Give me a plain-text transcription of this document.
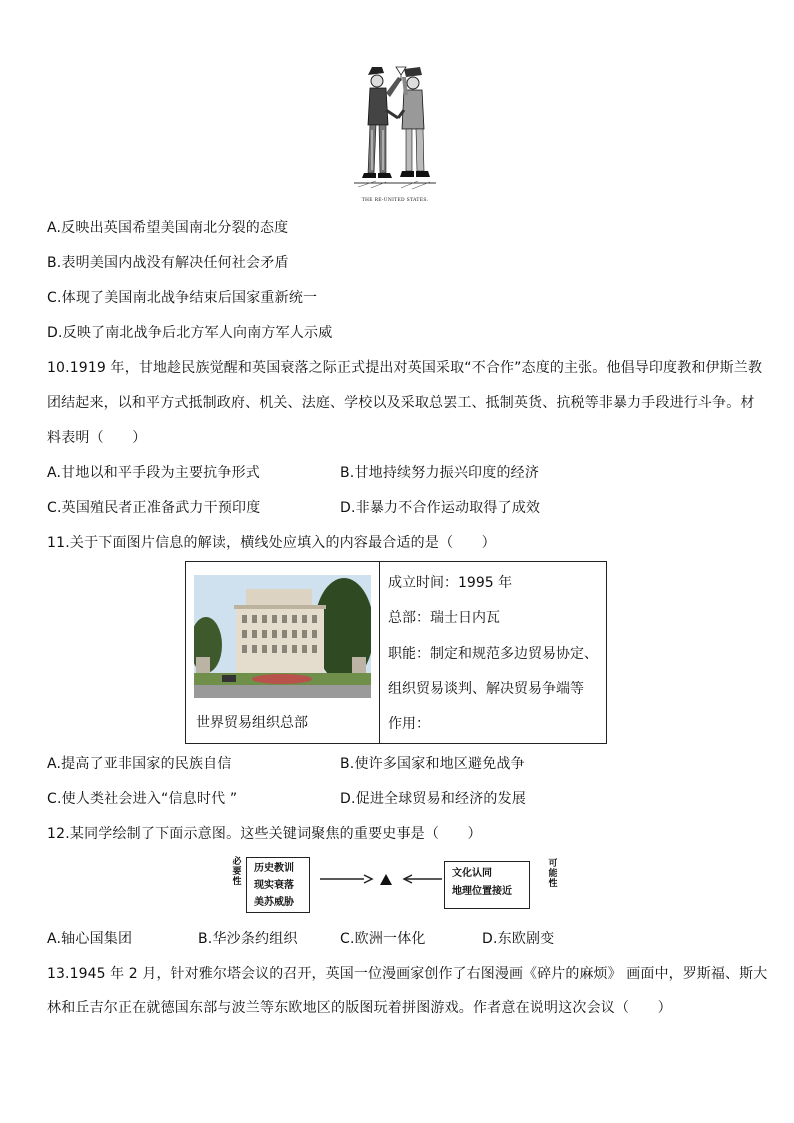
THE RE-UNITED STATES.
A.反映出英国希望美国南北分裂的态度
B.表明美国内战没有解决任何社会矛盾
C.体现了美国南北战争结束后国家重新统一
D.反映了南北战争后北方军人向南方军人示威
10.1919 年，甘地趁民族觉醒和英国衰落之际正式提出对英国采取“不合作”态度的主张。他倡导印度教和伊斯兰教
团结起来，以和平方式抵制政府、机关、法庭、学校以及采取总罢工、抵制英货、抗税等非暴力手段进行斗争。材
料表明（　　）
A.甘地以和平手段为主要抗争形式	B.甘地持续努力振兴印度的经济
C.英国殖民者正准备武力干预印度	D.非暴力不合作运动取得了成效
11.关于下面图片信息的解读，横线处应填入的内容最合适的是（　　）
世界贸易组织总部
成立时间：1995 年
总部：瑞士日内瓦
职能：制定和规范多边贸易协定、
组织贸易谈判、解决贸易争端等
作用：
A.提高了亚非国家的民族自信	B.使许多国家和地区避免战争
C.使人类社会进入“信息时代 ”	D.促进全球贸易和经济的发展
12.某同学绘制了下面示意图。这些关键词聚焦的重要史事是（　　）
必要性
历史教训
现实衰落
美苏威胁
文化认同
地理位置接近
可能性
A.轴心国集团	B.华沙条约组织	C.欧洲一体化	D.东欧剧变
13.1945 年 2 月，针对雅尔塔会议的召开，英国一位漫画家创作了右图漫画《碎片的麻烦》 画面中，罗斯福、斯大
林和丘吉尔正在就德国东部与波兰等东欧地区的版图玩着拼图游戏。作者意在说明这次会议（　　）
